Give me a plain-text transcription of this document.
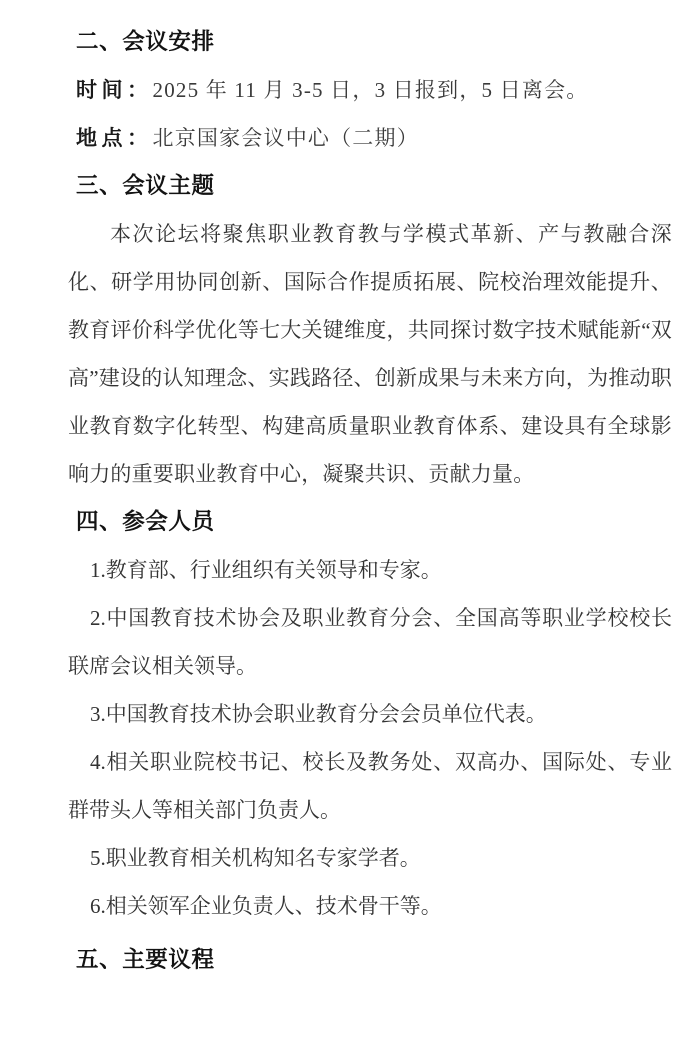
二、会议安排
时间：2025 年 11 月 3-5 日，3 日报到，5 日离会。
地点：北京国家会议中心（二期）
三、会议主题

本次论坛将聚焦职业教育教与学模式革新、产与教融合深化、研学用协同创新、国际合作提质拓展、院校治理效能提升、教育评价科学优化等七大关键维度，共同探讨数字技术赋能新“双高”建设的认知理念、实践路径、创新成果与未来方向，为推动职业教育数字化转型、构建高质量职业教育体系、建设具有全球影响力的重要职业教育中心，凝聚共识、贡献力量。

四、参会人员

1.教育部、行业组织有关领导和专家。

2.中国教育技术协会及职业教育分会、全国高等职业学校校长联席会议相关领导。

3.中国教育技术协会职业教育分会会员单位代表。

4.相关职业院校书记、校长及教务处、双高办、国际处、专业群带头人等相关部门负责人。

5.职业教育相关机构知名专家学者。

6.相关领军企业负责人、技术骨干等。

五、主要议程
